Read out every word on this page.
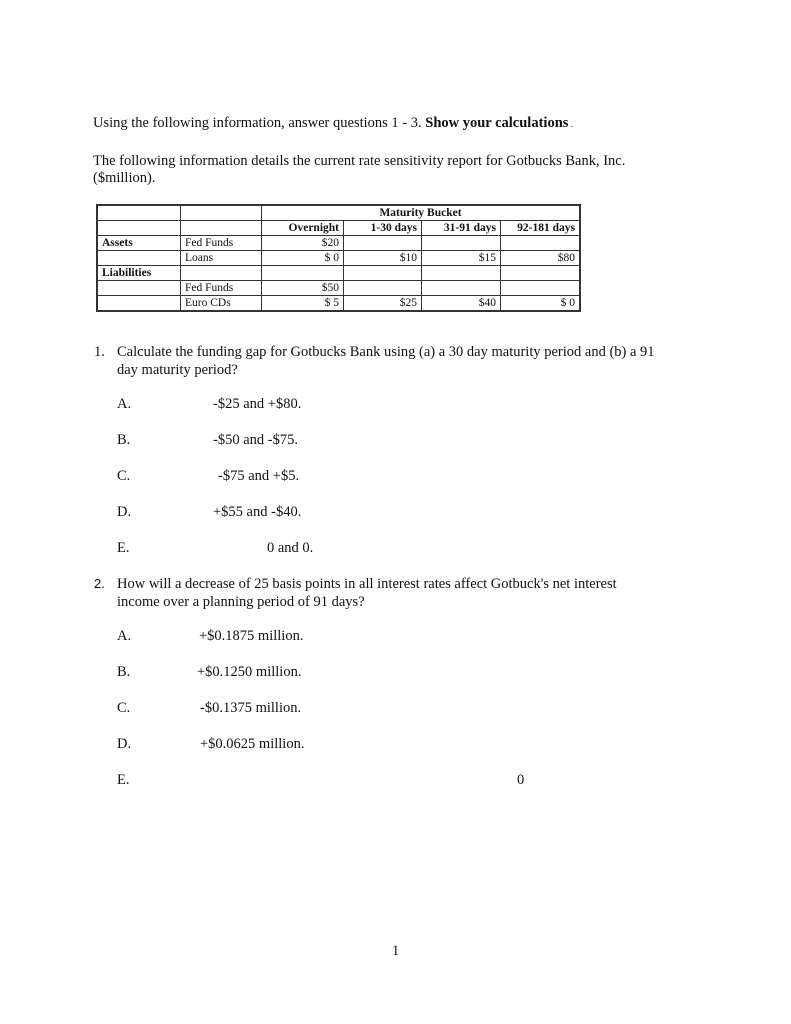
Using the following information, answer questions 1 - 3. Show your calculations .
The following information details the current rate sensitivity report for Gotbucks Bank, Inc.
($million).
		Maturity Bucket			
		Overnight	1-30 days	31-91 days	92-181 days
Assets	Fed Funds	$20			
	Loans	$ 0	$10	$15	$80
Liabilities					
	Fed Funds	$50			
	Euro CDs	$ 5	$25	$40	$ 0
1. Calculate the funding gap for Gotbucks Bank using (a) a 30 day maturity period and (b) a 91
day maturity period?
A.	-$25 and +$80.
B.	-$50 and -$75.
C.	-$75 and +$5.
D.	+$55 and -$40.
E.	0 and 0.
2. How will a decrease of 25 basis points in all interest rates affect Gotbuck's net interest
income over a planning period of 91 days?
A.	+$0.1875 million.
B.	+$0.1250 million.
C.	-$0.1375 million.
D.	+$0.0625 million.
E.	0
1
